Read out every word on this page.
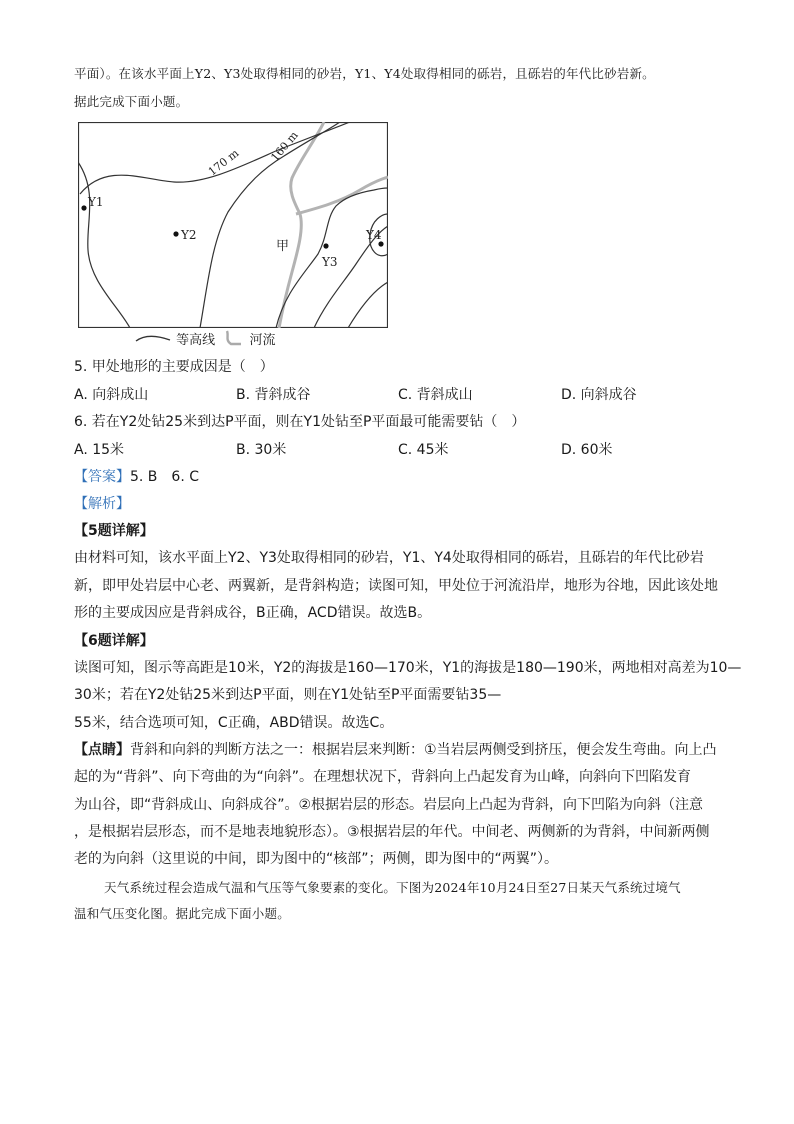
平面）。在该水平面上Y2、Y3处取得相同的砂岩，Y1、Y4处取得相同的砾岩，且砾岩的年代比砂岩新。
据此完成下面小题。
170 m 160 m
Y1
Y2
Y3
Y4
甲
等高线	河流
5. 甲处地形的主要成因是（　）
A. 向斜成山	B. 背斜成谷	C. 背斜成山	D. 向斜成谷
6. 若在Y2处钻25米到达P平面，则在Y1处钻至P平面最可能需要钻（　）
A. 15米	B. 30米	C. 45米	D. 60米
【答案】5. B　6. C
【解析】
【5题详解】
由材料可知，该水平面上Y2、Y3处取得相同的砂岩，Y1、Y4处取得相同的砾岩，且砾岩的年代比砂岩
新，即甲处岩层中心老、两翼新，是背斜构造；读图可知，甲处位于河流沿岸，地形为谷地，因此该处地
形的主要成因应是背斜成谷，B正确，ACD错误。故选B。
【6题详解】
读图可知，图示等高距是10米，Y2的海拔是160—170米，Y1的海拔是180—190米，两地相对高差为10—
30米；若在Y2处钻25米到达P平面，则在Y1处钻至P平面需要钻35—
55米，结合选项可知，C正确，ABD错误。故选C。
【点睛】背斜和向斜的判断方法之一：根据岩层来判断：①当岩层两侧受到挤压，便会发生弯曲。向上凸
起的为“背斜”、向下弯曲的为“向斜”。在理想状况下，背斜向上凸起发育为山峰，向斜向下凹陷发育
为山谷，即“背斜成山、向斜成谷”。②根据岩层的形态。岩层向上凸起为背斜，向下凹陷为向斜（注意
，是根据岩层形态，而不是地表地貌形态）。③根据岩层的年代。中间老、两侧新的为背斜，中间新两侧
老的为向斜（这里说的中间，即为图中的“核部”；两侧，即为图中的“两翼”）。
天气系统过程会造成气温和气压等气象要素的变化。下图为2024年10月24日至27日某天气系统过境气
温和气压变化图。据此完成下面小题。
